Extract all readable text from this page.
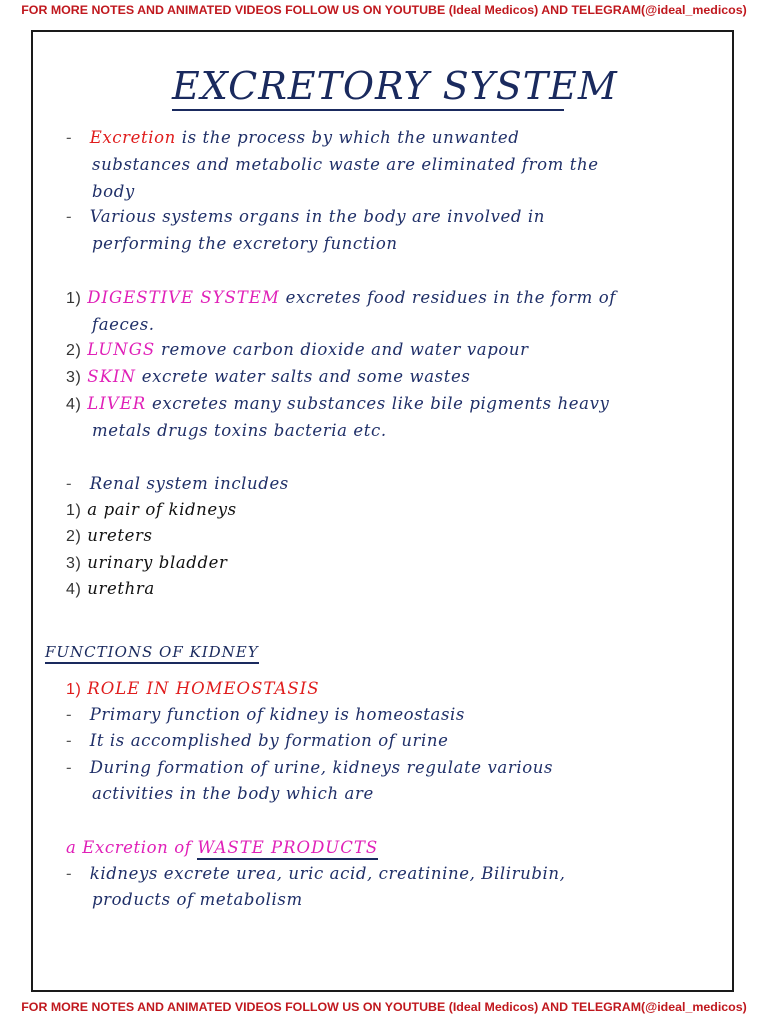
FOR MORE NOTES AND ANIMATED VIDEOS FOLLOW US ON YOUTUBE (Ideal Medicos) AND TELEGRAM(@ideal_medicos)
EXCRETORY SYSTEM
-   Excretion is the process by which the unwanted
substances and metabolic waste are eliminated from the
body
-   Various systems organs in the body are involved in
performing the excretory function
1) DIGESTIVE SYSTEM excretes food residues in the form of
faeces.
2) LUNGS remove carbon dioxide and water vapour
3) SKIN excrete water salts and some wastes
4) LIVER excretes many substances like bile pigments heavy
metals drugs toxins bacteria etc.
-   Renal system includes
1) a pair of kidneys
2) ureters
3) urinary bladder
4) urethra
FUNCTIONS OF KIDNEY
1) ROLE IN HOMEOSTASIS
-   Primary function of kidney is homeostasis
-   It is accomplished by formation of urine
-   During formation of urine, kidneys regulate various
activities in the body which are
a Excretion of WASTE PRODUCTS
-   kidneys excrete urea, uric acid, creatinine, Bilirubin,
products of metabolism
FOR MORE NOTES AND ANIMATED VIDEOS FOLLOW US ON YOUTUBE (Ideal Medicos) AND TELEGRAM(@ideal_medicos)
